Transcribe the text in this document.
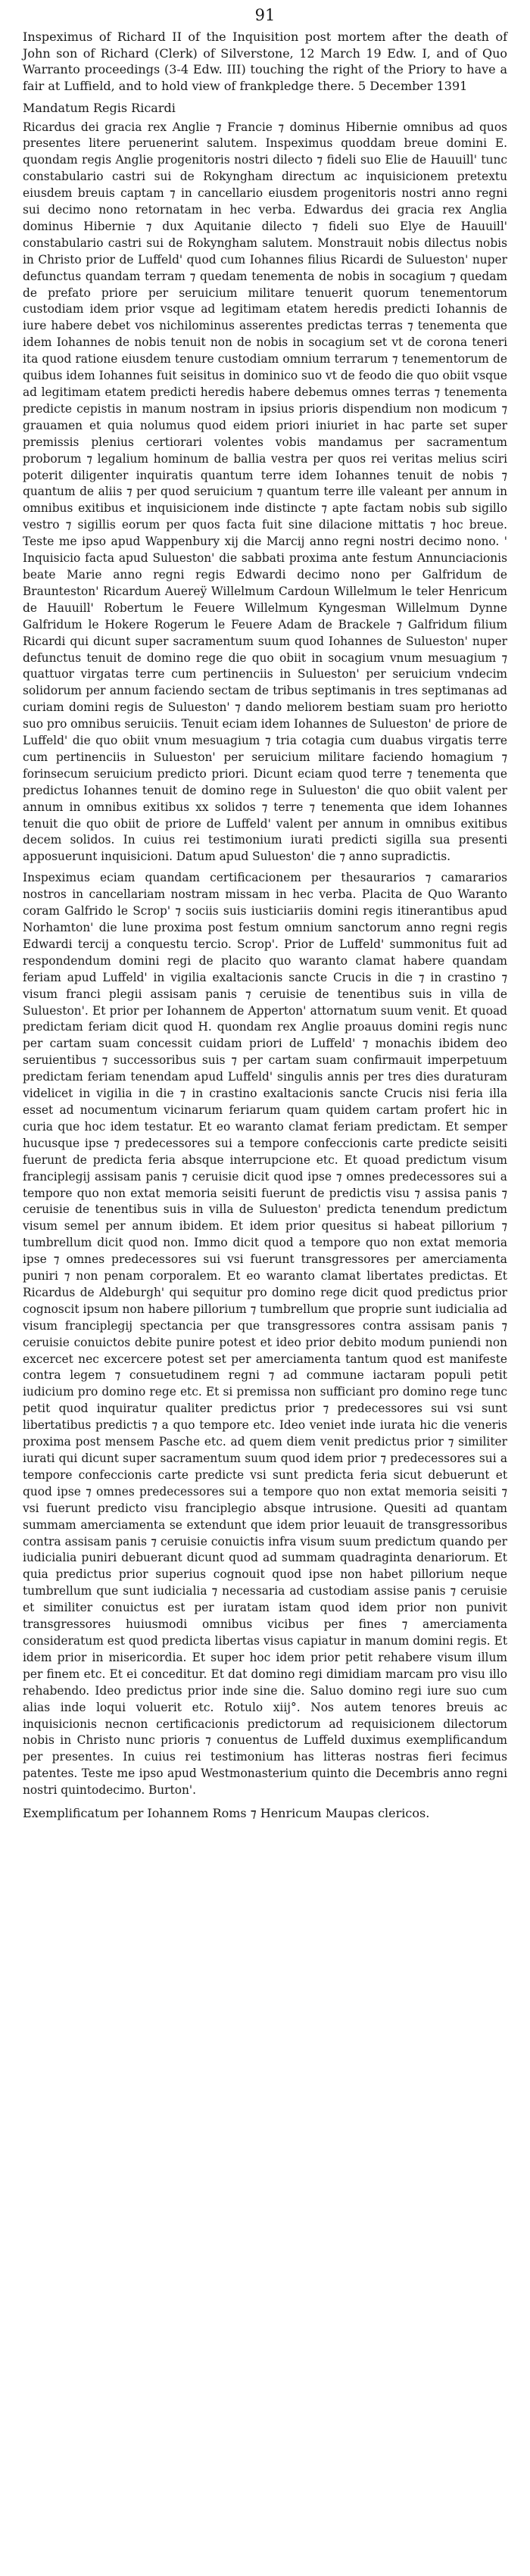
91
Inspeximus of Richard II of the Inquisition post mortem after the death of John son of Richard (Clerk) of Silverstone, 12 March 19 Edw. I, and of Quo Warranto proceedings (3-4 Edw. III) touching the right of the Priory to have a fair at Luffield, and to hold view of frankpledge there. 5 December 1391
Mandatum Regis Ricardi
Ricardus dei gracia rex Anglie ⁊ Francie ⁊ dominus Hibernie omnibus ad quos presentes litere peruenerint salutem. Inspeximus quoddam breue domini E. quondam regis Anglie progenitoris nostri dilecto ⁊ fideli suo Elie de Hauuill' tunc constabulario castri sui de Rokyngham directum ac inquisicionem pretextu eiusdem breuis captam ⁊ in cancellario eiusdem progenitoris nostri anno regni sui decimo nono retornatam in hec verba. Edwardus dei gracia rex Anglia dominus Hibernie ⁊ dux Aquitanie dilecto ⁊ fideli suo Elye de Hauuill' constabulario castri sui de Rokyngham salutem. Monstrauit nobis dilectus nobis in Christo prior de Luffeld' quod cum Iohannes filius Ricardi de Sulueston' nuper defunctus quandam terram ⁊ quedam tenementa de nobis in socagium ⁊ quedam de prefato priore per seruicium militare tenuerit quorum tenementorum custodiam idem prior vsque ad legitimam etatem heredis predicti Iohannis de iure habere debet vos nichilominus asserentes predictas terras ⁊ tenementa que idem Iohannes de nobis tenuit non de nobis in socagium set vt de corona teneri ita quod ratione eiusdem tenure custodiam omnium terrarum ⁊ tenementorum de quibus idem Iohannes fuit seisitus in dominico suo vt de feodo die quo obiit vsque ad legitimam etatem predicti heredis habere debemus omnes terras ⁊ tenementa predicte cepistis in manum nostram in ipsius prioris dispendium non modicum ⁊ grauamen et quia nolumus quod eidem priori iniuriet in hac parte set super premissis plenius certiorari volentes vobis mandamus per sacramentum proborum ⁊ legalium hominum de ballia vestra per quos rei veritas melius sciri poterit diligenter inquiratis quantum terre idem Iohannes tenuit de nobis ⁊ quantum de aliis ⁊ per quod seruicium ⁊ quantum terre ille valeant per annum in omnibus exitibus et inquisicionem inde distincte ⁊ apte factam nobis sub sigillo vestro ⁊ sigillis eorum per quos facta fuit sine dilacione mittatis ⁊ hoc breue. Teste me ipso apud Wappenbury xij die Marcij anno regni nostri decimo nono. ' Inquisicio facta apud Sulueston' die sabbati proxima ante festum Annunciacionis beate Marie anno regni regis Edwardi decimo nono per Galfridum de Braunteston' Ricardum Auereÿ Willelmum Cardoun Willelmum le teler Henricum de Hauuill' Robertum le Feuere Willelmum Kyngesman Willelmum Dynne Galfridum le Hokere Rogerum le Feuere Adam de Brackele ⁊ Galfridum filium Ricardi qui dicunt super sacramentum suum quod Iohannes de Sulueston' nuper defunctus tenuit de domino rege die quo obiit in socagium vnum mesuagium ⁊ quattuor virgatas terre cum pertinenciis in Sulueston' per seruicium vndecim solidorum per annum faciendo sectam de tribus septimanis in tres septimanas ad curiam domini regis de Sulueston' ⁊ dando meliorem bestiam suam pro heriotto suo pro omnibus seruiciis. Tenuit eciam idem Iohannes de Sulueston' de priore de Luffeld' die quo obiit vnum mesuagium ⁊ tria cotagia cum duabus virgatis terre cum pertinenciis in Sulueston' per seruicium militare faciendo homagium ⁊ forinsecum seruicium predicto priori. Dicunt eciam quod terre ⁊ tenementa que predictus Iohannes tenuit de domino rege in Sulueston' die quo obiit valent per annum in omnibus exitibus xx solidos ⁊ terre ⁊ tenementa que idem Iohannes tenuit die quo obiit de priore de Luffeld' valent per annum in omnibus exitibus decem solidos. In cuius rei testimonium iurati predicti sigilla sua presenti apposuerunt inquisicioni. Datum apud Sulueston' die ⁊ anno supradictis.
Inspeximus eciam quandam certificacionem per thesaurarios ⁊ camararios nostros in cancellariam nostram missam in hec verba. Placita de Quo Waranto coram Galfrido le Scrop' ⁊ sociis suis iusticiariis domini regis itinerantibus apud Norhamton' die lune proxima post festum omnium sanctorum anno regni regis Edwardi tercij a conquestu tercio. Scrop'. Prior de Luffeld' summonitus fuit ad respondendum domini regi de placito quo waranto clamat habere quandam feriam apud Luffeld' in vigilia exaltacionis sancte Crucis in die ⁊ in crastino ⁊ visum franci plegii assisam panis ⁊ ceruisie de tenentibus suis in villa de Sulueston'. Et prior per Iohannem de Apperton' attornatum suum venit. Et quoad predictam feriam dicit quod H. quondam rex Anglie proauus domini regis nunc per cartam suam concessit cuidam priori de Luffeld' ⁊ monachis ibidem deo seruientibus ⁊ successoribus suis ⁊ per cartam suam confirmauit imperpetuum predictam feriam tenendam apud Luffeld' singulis annis per tres dies duraturam videlicet in vigilia in die ⁊ in crastino exaltacionis sancte Crucis nisi feria illa esset ad nocumentum vicinarum feriarum quam quidem cartam profert hic in curia que hoc idem testatur. Et eo waranto clamat feriam predictam. Et semper hucusque ipse ⁊ predecessores sui a tempore confeccionis carte predicte seisiti fuerunt de predicta feria absque interrupcione etc. Et quoad predictum visum franciplegij assisam panis ⁊ ceruisie dicit quod ipse ⁊ omnes predecessores sui a tempore quo non extat memoria seisiti fuerunt de predictis visu ⁊ assisa panis ⁊ ceruisie de tenentibus suis in villa de Sulueston' predicta tenendum predictum visum semel per annum ibidem. Et idem prior quesitus si habeat pillorium ⁊ tumbrellum dicit quod non. Immo dicit quod a tempore quo non extat memoria ipse ⁊ omnes predecessores sui vsi fuerunt transgressores per amerciamenta puniri ⁊ non penam corporalem. Et eo waranto clamat libertates predictas. Et Ricardus de Aldeburgh' qui sequitur pro domino rege dicit quod predictus prior cognoscit ipsum non habere pillorium ⁊ tumbrellum que proprie sunt iudicialia ad visum franciplegij spectancia per que transgressores contra assisam panis ⁊ ceruisie conuictos debite punire potest et ideo prior debito modum puniendi non excercet nec excercere potest set per amerciamenta tantum quod est manifeste contra legem ⁊ consuetudinem regni ⁊ ad commune iactaram populi petit iudicium pro domino rege etc. Et si premissa non sufficiant pro domino rege tunc petit quod inquiratur qualiter predictus prior ⁊ predecessores sui vsi sunt libertatibus predictis ⁊ a quo tempore etc. Ideo veniet inde iurata hic die veneris proxima post mensem Pasche etc. ad quem diem venit predictus prior ⁊ similiter iurati qui dicunt super sacramentum suum quod idem prior ⁊ predecessores sui a tempore confeccionis carte predicte vsi sunt predicta feria sicut debuerunt et quod ipse ⁊ omnes predecessores sui a tempore quo non extat memoria seisiti ⁊ vsi fuerunt predicto visu franciplegio absque intrusione. Quesiti ad quantam summam amerciamenta se extendunt que idem prior leuauit de transgressoribus contra assisam panis ⁊ ceruisie conuictis infra visum suum predictum quando per iudicialia puniri debuerant dicunt quod ad summam quadraginta denariorum. Et quia predictus prior superius cognouit quod ipse non habet pillorium neque tumbrellum que sunt iudicialia ⁊ necessaria ad custodiam assise panis ⁊ ceruisie et similiter conuictus est per iuratam istam quod idem prior non punivit transgressores huiusmodi omnibus vicibus per fines ⁊ amerciamenta consideratum est quod predicta libertas visus capiatur in manum domini regis. Et idem prior in misericordia. Et super hoc idem prior petit rehabere visum illum per finem etc. Et ei conceditur. Et dat domino regi dimidiam marcam pro visu illo rehabendo. Ideo predictus prior inde sine die. Saluo domino regi iure suo cum alias inde loqui voluerit etc. Rotulo xiij°. Nos autem tenores breuis ac inquisicionis necnon certificacionis predictorum ad requisicionem dilectorum nobis in Christo nunc prioris ⁊ conuentus de Luffeld duximus exemplificandum per presentes. In cuius rei testimonium has litteras nostras fieri fecimus patentes. Teste me ipso apud Westmonasterium quinto die Decembris anno regni nostri quintodecimo. Burton'.
Exemplificatum per Iohannem Roms ⁊ Henricum Maupas clericos.
